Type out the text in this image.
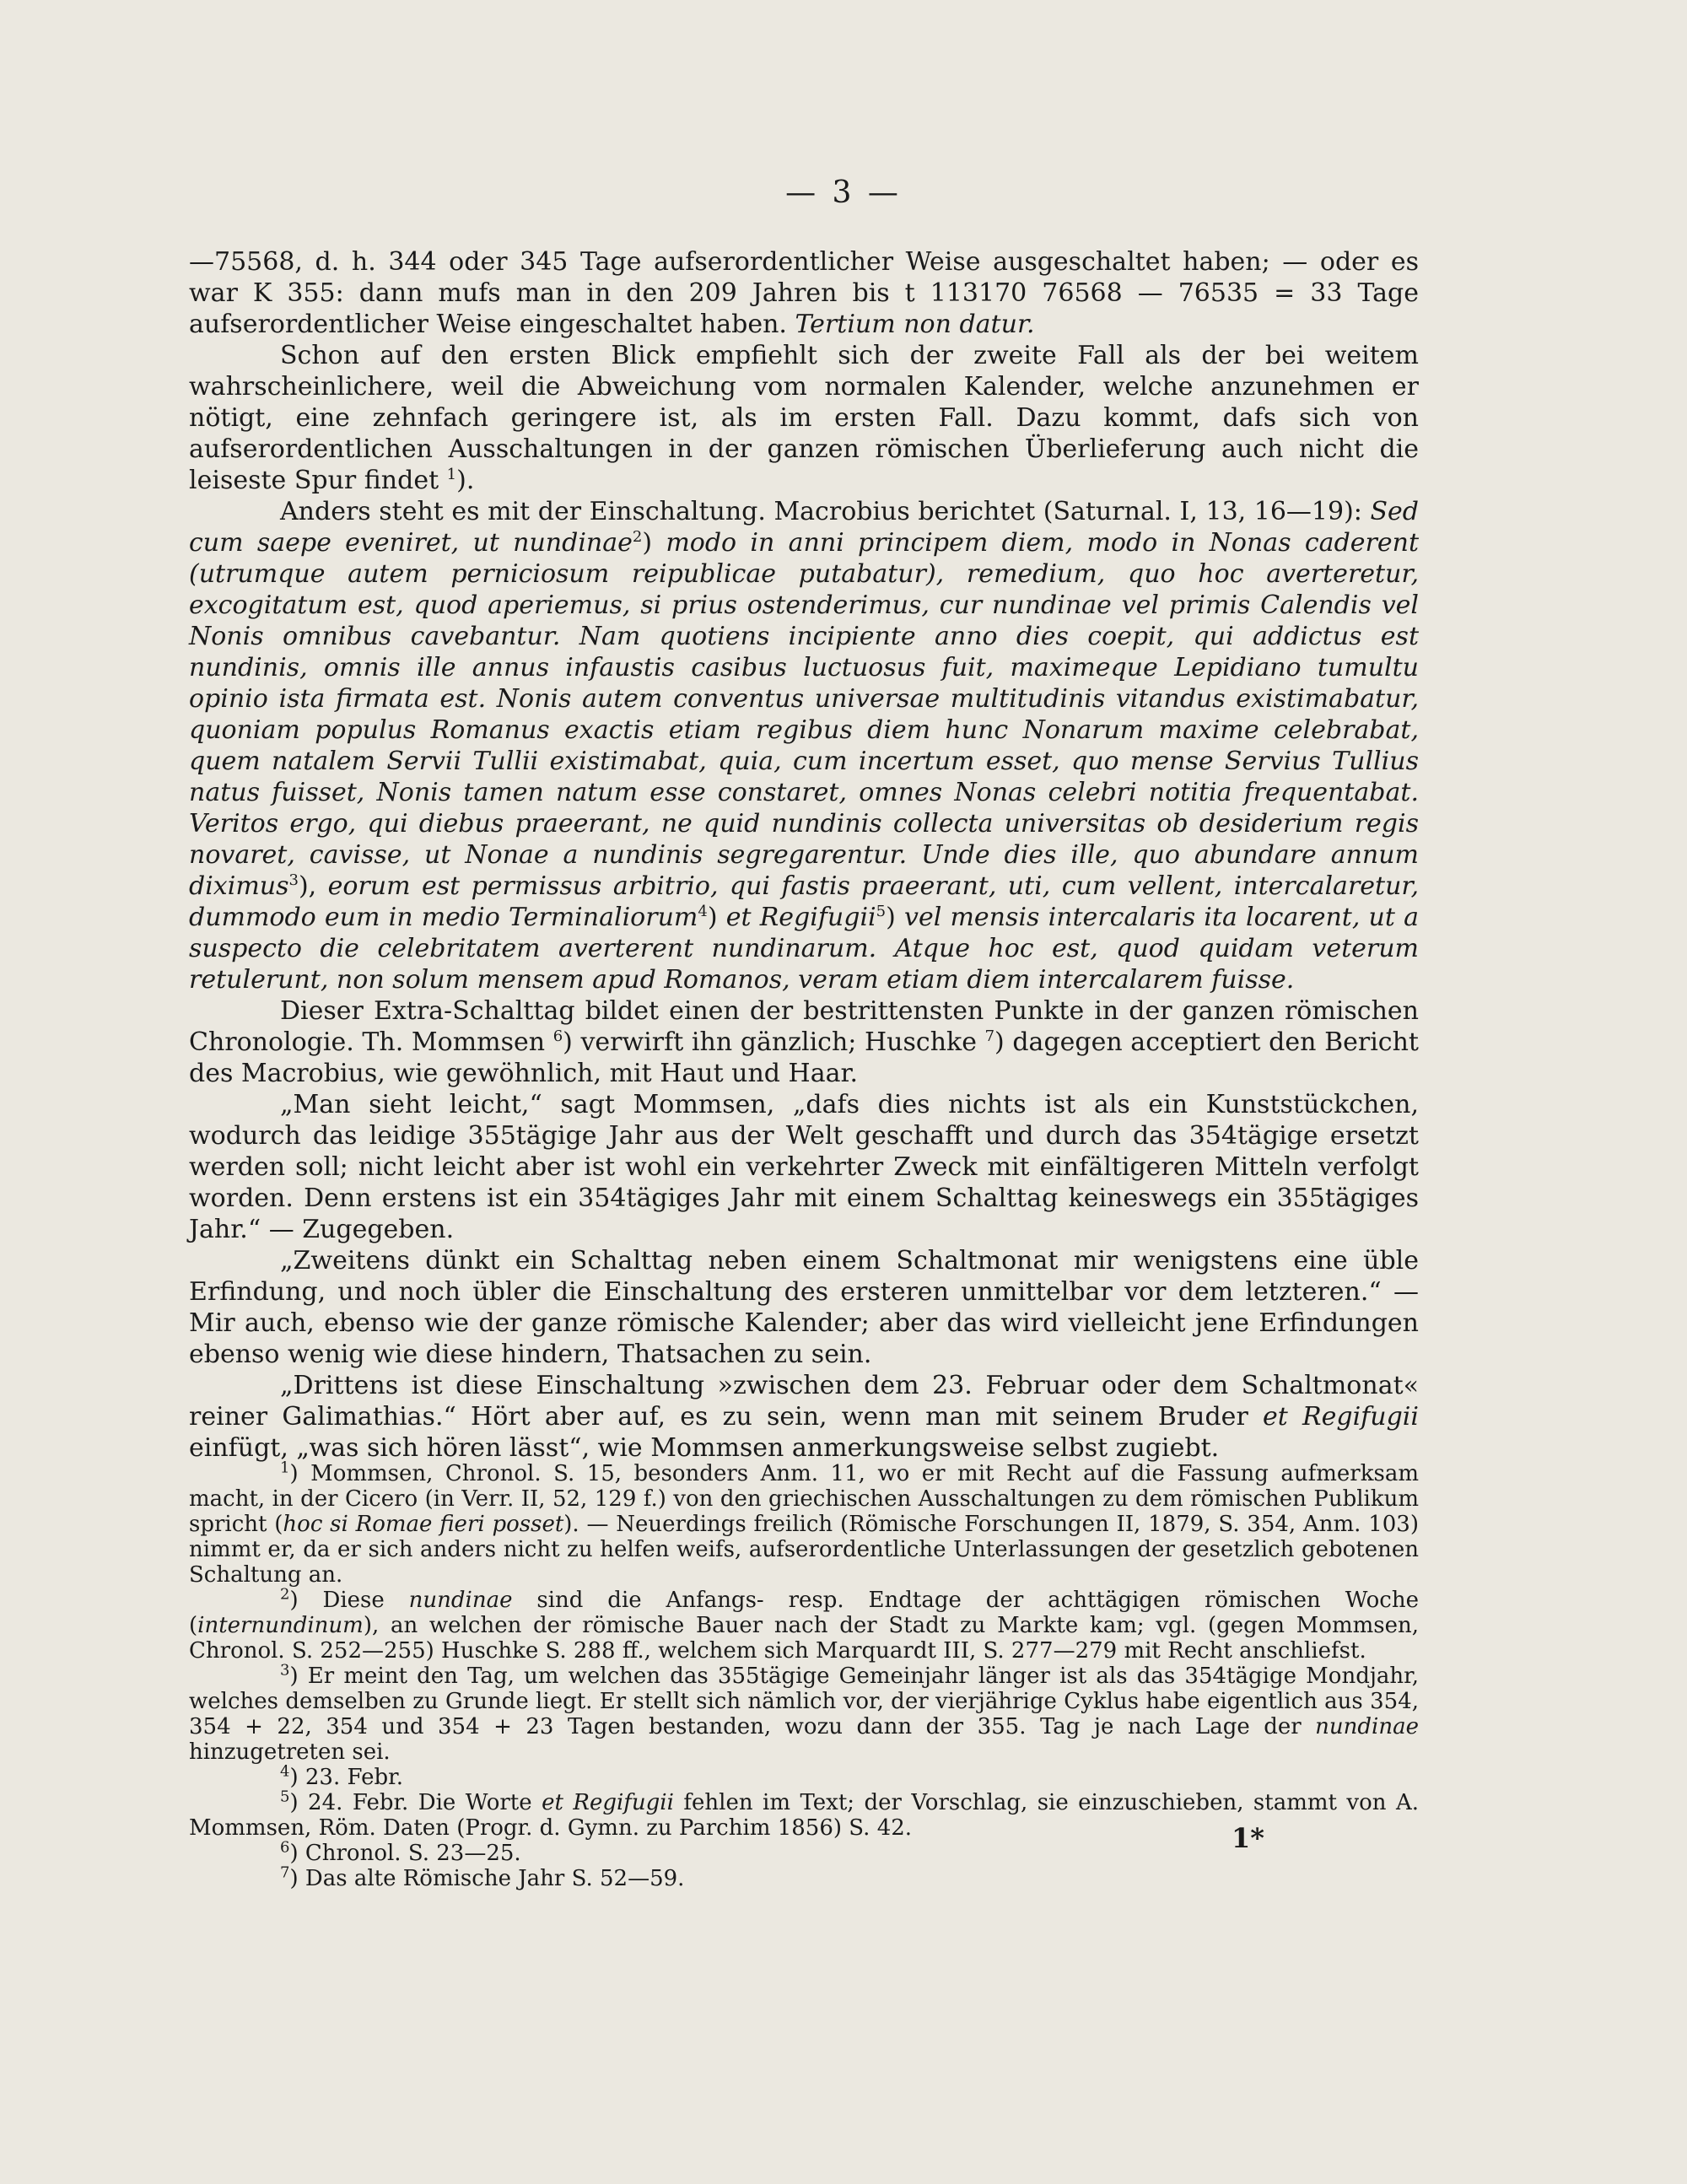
— 3 —

—75568, d. h. 344 oder 345 Tage aufserordentlicher Weise ausgeschaltet haben; — oder es war K 355: dann mufs man in den 209 Jahren bis t 113170 76568 — 76535 = 33 Tage aufserordentlicher Weise eingeschaltet haben. Tertium non datur.

Schon auf den ersten Blick empfiehlt sich der zweite Fall als der bei weitem wahrscheinlichere, weil die Abweichung vom normalen Kalender, welche anzunehmen er nötigt, eine zehnfach geringere ist, als im ersten Fall. Dazu kommt, dafs sich von aufserordentlichen Ausschaltungen in der ganzen römischen Überlieferung auch nicht die leiseste Spur findet $^1$).

Anders steht es mit der Einschaltung. Macrobius berichtet (Saturnal. I, 13, 16—19): Sed cum saepe eveniret, ut nundinae$^2$) modo in anni principem diem, modo in Nonas caderent (utrumque autem perniciosum reipublicae putabatur), remedium, quo hoc averteretur, excogitatum est, quod aperiemus, si prius ostenderimus, cur nundinae vel primis Calendis vel Nonis omnibus cavebantur. Nam quotiens incipiente anno dies coepit, qui addictus est nundinis, omnis ille annus infaustis casibus luctuosus fuit, maximeque Lepidiano tumultu opinio ista firmata est. Nonis autem conventus universae multitudinis vitandus existimabatur, quoniam populus Romanus exactis etiam regibus diem hunc Nonarum maxime celebrabat, quem natalem Servii Tullii existimabat, quia, cum incertum esset, quo mense Servius Tullius natus fuisset, Nonis tamen natum esse constaret, omnes Nonas celebri notitia frequentabat. Veritos ergo, qui diebus praeerant, ne quid nundinis collecta universitas ob desiderium regis novaret, cavisse, ut Nonae a nundinis segregarentur. Unde dies ille, quo abundare annum diximus$^3$), eorum est permissus arbitrio, qui fastis praeerant, uti, cum vellent, intercalaretur, dummodo eum in medio Terminaliorum$^4$) et Regifugii$^5$) vel mensis intercalaris ita locarent, ut a suspecto die celebritatem averterent nundinarum. Atque hoc est, quod quidam veterum retulerunt, non solum mensem apud Romanos, veram etiam diem intercalarem fuisse.

Dieser Extra-Schalttag bildet einen der bestrittensten Punkte in der ganzen römischen Chronologie. Th. Mommsen $^6$) verwirft ihn gänzlich; Huschke $^7$) dagegen acceptiert den Bericht des Macrobius, wie gewöhnlich, mit Haut und Haar.

„Man sieht leicht,“ sagt Mommsen, „dafs dies nichts ist als ein Kunststückchen, wodurch das leidige 355tägige Jahr aus der Welt geschafft und durch das 354tägige ersetzt werden soll; nicht leicht aber ist wohl ein verkehrter Zweck mit einfältigeren Mitteln verfolgt worden. Denn erstens ist ein 354tägiges Jahr mit einem Schalttag keineswegs ein 355tägiges Jahr.“ — Zugegeben.

„Zweitens dünkt ein Schalttag neben einem Schaltmonat mir wenigstens eine üble Erfindung, und noch übler die Einschaltung des ersteren unmittelbar vor dem letzteren.“ — Mir auch, ebenso wie der ganze römische Kalender; aber das wird vielleicht jene Erfindungen ebenso wenig wie diese hindern, Thatsachen zu sein.

„Drittens ist diese Einschaltung »zwischen dem 23. Februar oder dem Schaltmonat« reiner Galimathias.“ Hört aber auf, es zu sein, wenn man mit seinem Bruder et Regifugii einfügt, „was sich hören lässt“, wie Mommsen anmerkungsweise selbst zugiebt.

$^1$) Mommsen, Chronol. S. 15, besonders Anm. 11, wo er mit Recht auf die Fassung aufmerksam macht, in der Cicero (in Verr. II, 52, 129 f.) von den griechischen Ausschaltungen zu dem römischen Publikum spricht (hoc si Romae fieri posset). — Neuerdings freilich (Römische Forschungen II, 1879, S. 354, Anm. 103) nimmt er, da er sich anders nicht zu helfen weifs, aufserordentliche Unterlassungen der gesetzlich gebotenen Schaltung an.

$^2$) Diese nundinae sind die Anfangs- resp. Endtage der achttägigen römischen Woche (internundinum), an welchen der römische Bauer nach der Stadt zu Markte kam; vgl. (gegen Mommsen, Chronol. S. 252—255) Huschke S. 288 ff., welchem sich Marquardt III, S. 277—279 mit Recht anschliefst.

$^3$) Er meint den Tag, um welchen das 355tägige Gemeinjahr länger ist als das 354tägige Mondjahr, welches demselben zu Grunde liegt. Er stellt sich nämlich vor, der vierjährige Cyklus habe eigentlich aus 354, 354 + 22, 354 und 354 + 23 Tagen bestanden, wozu dann der 355. Tag je nach Lage der nundinae hinzugetreten sei.

$^4$) 23. Febr.

$^5$) 24. Febr. Die Worte et Regifugii fehlen im Text; der Vorschlag, sie einzuschieben, stammt von A. Mommsen, Röm. Daten (Progr. d. Gymn. zu Parchim 1856) S. 42.

$^6$) Chronol. S. 23—25.

$^7$) Das alte Römische Jahr S. 52—59.

1*
